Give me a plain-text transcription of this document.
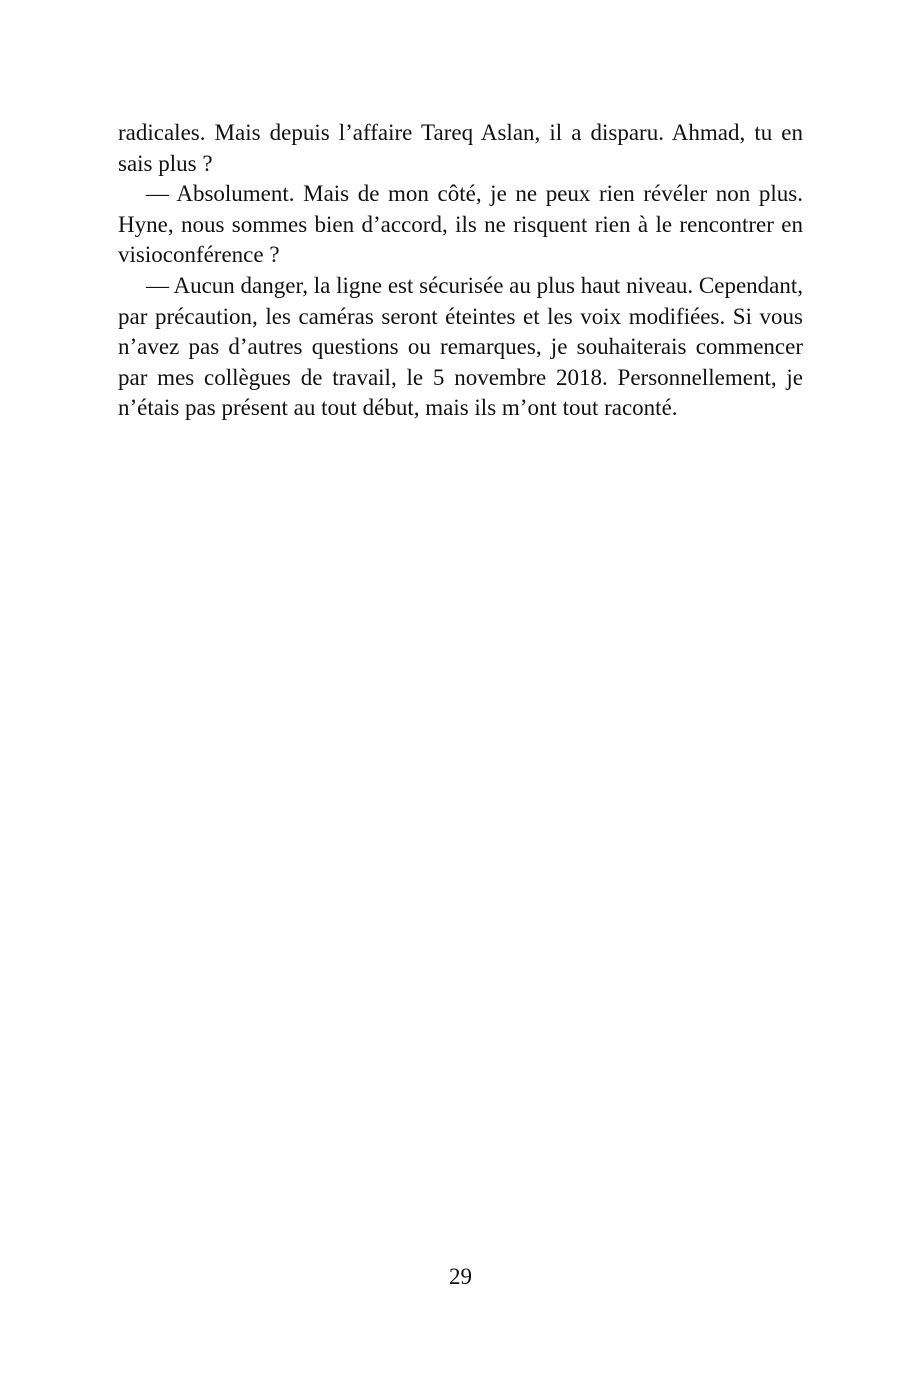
radicales. Mais depuis l’affaire Tareq Aslan, il a disparu. Ahmad, tu en sais plus ?

— Absolument. Mais de mon côté, je ne peux rien révéler non plus. Hyne, nous sommes bien d’accord, ils ne risquent rien à le rencontrer en visioconférence ?

— Aucun danger, la ligne est sécurisée au plus haut niveau. Cependant, par précaution, les caméras seront éteintes et les voix modifiées. Si vous n’avez pas d’autres questions ou remarques, je souhaiterais commencer par mes collègues de travail, le 5 novembre 2018. Personnellement, je n’étais pas présent au tout début, mais ils m’ont tout raconté.

29
